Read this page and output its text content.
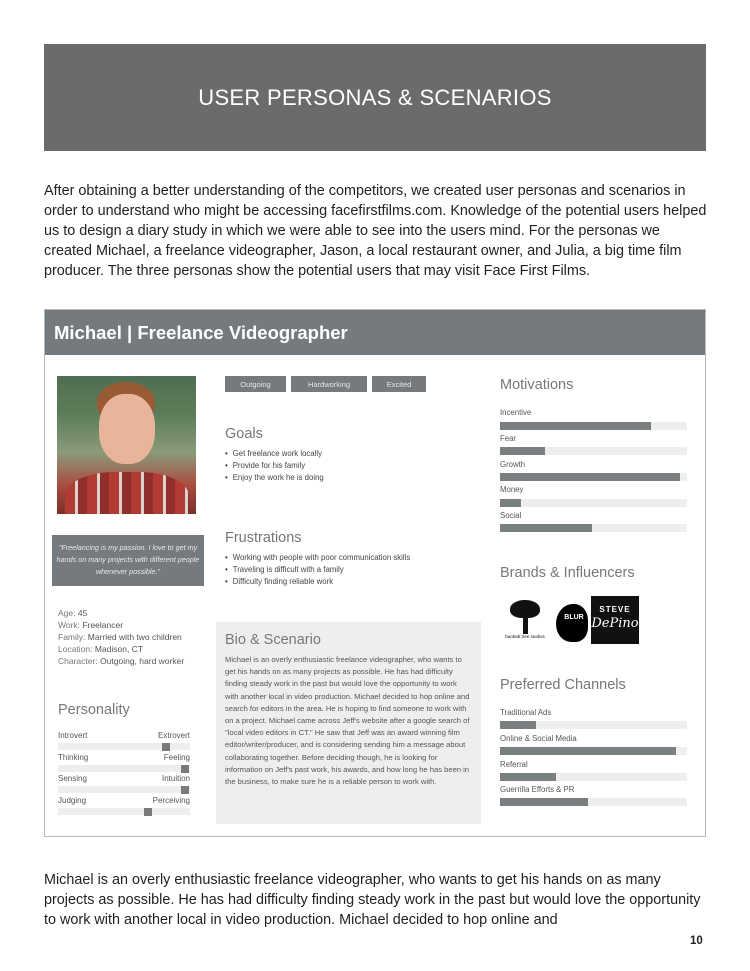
USER PERSONAS & SCENARIOS

After obtaining a better understanding of the competitors, we created user personas and scenarios in order to understand who might be accessing facefirstfilms.com. Knowledge of the potential users helped us to design a diary study in which we were able to see into the users mind. For the personas we created Michael, a freelance videographer, Jason, a local restaurant owner, and Julia, a big time film producer. The three personas show the potential users that may visit Face First Films.

Michael | Freelance Videographer
"Freelancing is my passion. I love to get my hands on many projects with different people whenever possible."
Age: 45
Work: Freelancer
Family: Married with two children
Location: Madison, CT
Character: Outgoing, hard worker
Personality
Introvert	Extrovert
Thinking	Feeling
Sensing	Intuition
Judging	Perceiving
Outgoing	Hardworking	Excited
Goals
• Get freelance work locally
• Provide for his family
• Enjoy the work he is doing
Frustrations
• Working with people with poor communication skills
• Traveling is difficult with a family
• Difficulty finding reliable work
Bio & Scenario

Michael is an overly enthusiastic freelance videographer, who wants to get his hands on as many projects as possible. He has had difficulty finding steady work in the past but would love the opportunity to work with another local in video production. Michael decided to hop online and search for editors in the area. He is hoping to find someone to work with on a project. Michael came across Jeff's website after a google search of "local video editors in CT." He saw that Jeff was an award winning film editor/writer/producer, and is considering sending him a message about collaborating together. Before deciding though, he is looking for information on Jeff's past work, his awards, and how long he has been in the business, to make sure he is a reliable person to work with.

Motivations
Incentive
Fear
Growth
Money
Social
Brands & Influencers
baobab tree studios
BLUR
STEVE
DePino
Preferred Channels
Traditional Ads
Online & Social Media
Referral
Guerrilla Efforts & PR

Michael is an overly enthusiastic freelance videographer, who wants to get his hands on as many projects as possible. He has had difficulty finding steady work in the past but would love the opportunity to work with another local in video production. Michael decided to hop online and

10
